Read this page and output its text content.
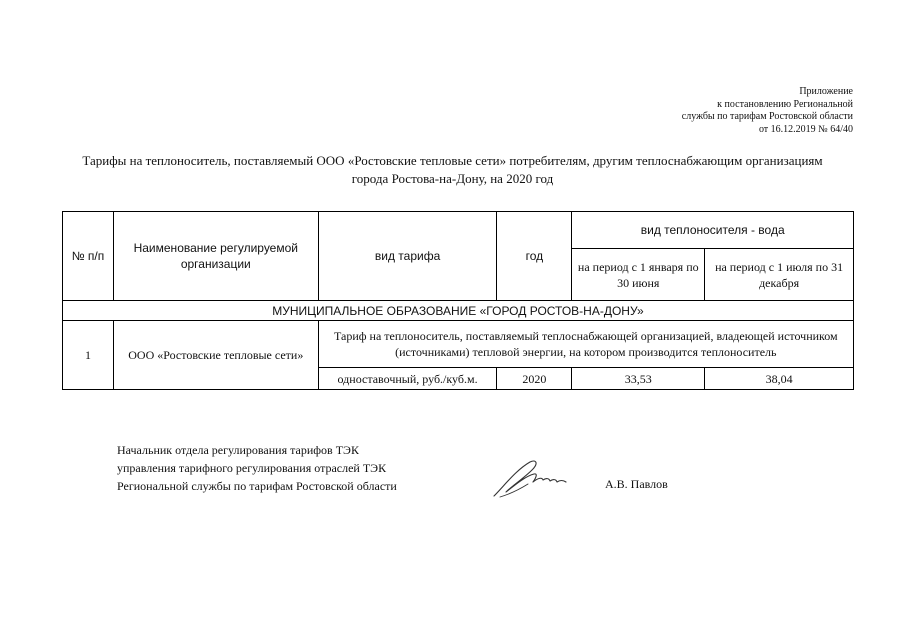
Приложение
к постановлению Региональной
службы по тарифам Ростовской области
от 16.12.2019 № 64/40
Тарифы на теплоноситель, поставляемый ООО «Ростовские тепловые сети» потребителям, другим теплоснабжающим организациям
города Ростова-на-Дону, на 2020 год
№ п/п	Наименование регулируемой организации	вид тарифа	год	вид теплоносителя - вода	
				на период с 1 января по 30 июня	на период с 1 июля по 31 декабря
МУНИЦИПАЛЬНОЕ ОБРАЗОВАНИЕ «ГОРОД РОСТОВ-НА-ДОНУ»					
1	ООО «Ростовские тепловые сети»	Тариф на теплоноситель, поставляемый теплоснабжающей организацией, владеющей источником (источниками) тепловой энергии, на котором производится теплоноситель			
		одноставочный, руб./куб.м.	2020	33,53	38,04
Начальник отдела регулирования тарифов ТЭК
управления тарифного регулирования отраслей ТЭК
Региональной службы по тарифам Ростовской области	А.В. Павлов
